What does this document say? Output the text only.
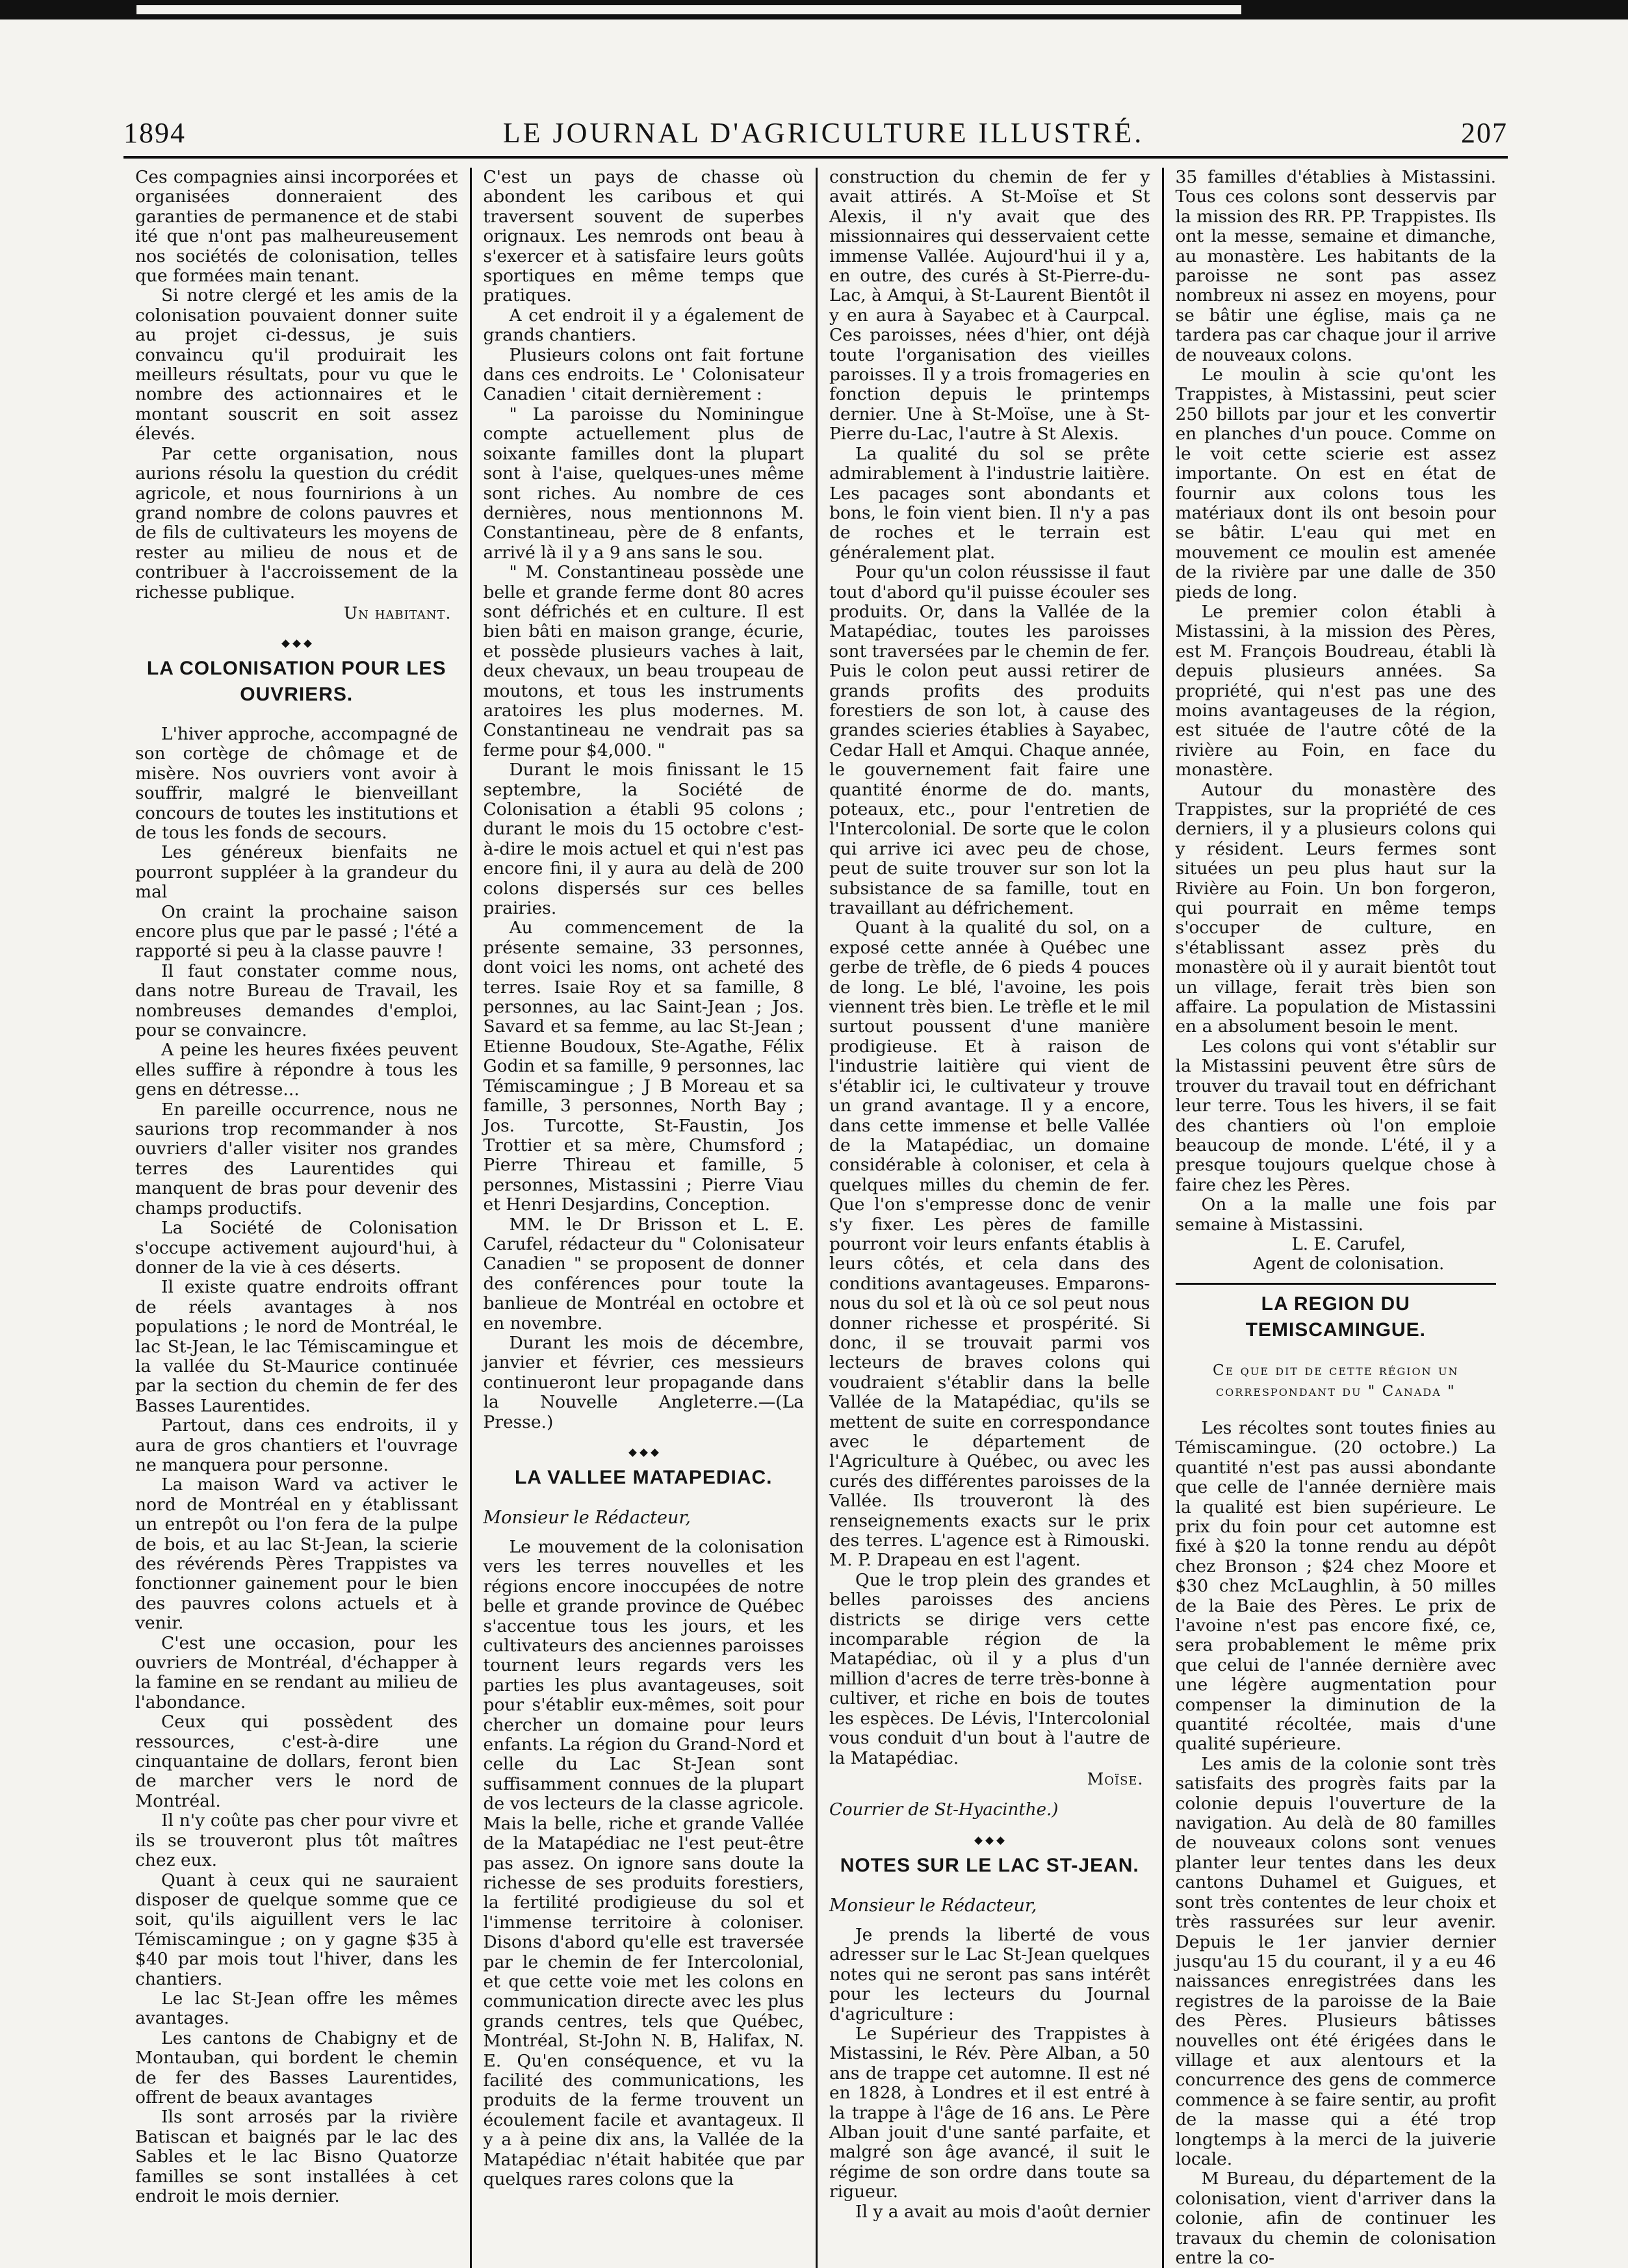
1894	LE JOURNAL D'AGRICULTURE ILLUSTRÉ.	207

Ces compagnies ainsi incorporées et organisées donneraient des garanties de permanence et de stabi ité que n'ont pas malheureusement nos sociétés de colonisation, telles que formées main tenant.

Si notre clergé et les amis de la colonisation pouvaient donner suite au projet ci-dessus, je suis convaincu qu'il produirait les meilleurs résultats, pour vu que le nombre des actionnaires et le montant souscrit en soit assez élevés.

Par cette organisation, nous aurions résolu la question du crédit agricole, et nous fournirions à un grand nombre de colons pauvres et de fils de cultivateurs les moyens de rester au milieu de nous et de contribuer à l'accroissement de la richesse publique.

Un habitant.
LA COLONISATION POUR LES OUVRIERS.

L'hiver approche, accompagné de son cortège de chômage et de misère. Nos ouvriers vont avoir à souffrir, malgré le bienveillant concours de toutes les institutions et de tous les fonds de secours.

Les généreux bienfaits ne pourront suppléer à la grandeur du mal

On craint la prochaine saison encore plus que par le passé ; l'été a rapporté si peu à la classe pauvre !

Il faut constater comme nous, dans notre Bureau de Travail, les nombreuses demandes d'emploi, pour se convaincre.

A peine les heures fixées peuvent elles suffire à répondre à tous les gens en détresse...

En pareille occurrence, nous ne saurions trop recommander à nos ouvriers d'aller visiter nos grandes terres des Laurentides qui manquent de bras pour devenir des champs productifs.

La Société de Colonisation s'occupe activement aujourd'hui, à donner de la vie à ces déserts.

Il existe quatre endroits offrant de réels avantages à nos populations ; le nord de Montréal, le lac St-Jean, le lac Témiscamingue et la vallée du St-Maurice continuée par la section du chemin de fer des Basses Laurentides.

Partout, dans ces endroits, il y aura de gros chantiers et l'ouvrage ne manquera pour personne.

La maison Ward va activer le nord de Montréal en y établissant un entrepôt ou l'on fera de la pulpe de bois, et au lac St-Jean, la scierie des révérends Pères Trappistes va fonctionner gainement pour le bien des pauvres colons actuels et à venir.

C'est une occasion, pour les ouvriers de Montréal, d'échapper à la famine en se rendant au milieu de l'abondance.

Ceux qui possèdent des ressources, c'est-à-dire une cinquantaine de dollars, feront bien de marcher vers le nord de Montréal.

Il n'y coûte pas cher pour vivre et ils se trouveront plus tôt maîtres chez eux.

Quant à ceux qui ne sauraient disposer de quelque somme que ce soit, qu'ils aiguillent vers le lac Témiscamingue ; on y gagne $35 à $40 par mois tout l'hiver, dans les chantiers.

Le lac St-Jean offre les mêmes avantages.

Les cantons de Chabigny et de Montauban, qui bordent le chemin de fer des Basses Laurentides, offrent de beaux avantages

Ils sont arrosés par la rivière Batiscan et baignés par le lac des Sables et le lac Bisno Quatorze familles se sont installées à cet endroit le mois dernier.

C'est un pays de chasse où abondent les caribous et qui traversent souvent de superbes orignaux. Les nemrods ont beau à s'exercer et à satisfaire leurs goûts sportiques en même temps que pratiques.

A cet endroit il y a également de grands chantiers.

Plusieurs colons ont fait fortune dans ces endroits. Le ' Colonisateur Canadien ' citait dernièrement :

" La paroisse du Nominingue compte actuellement plus de soixante familles dont la plupart sont à l'aise, quelques-unes même sont riches. Au nombre de ces dernières, nous mentionnons M. Constantineau, père de 8 enfants, arrivé là il y a 9 ans sans le sou.

" M. Constantineau possède une belle et grande ferme dont 80 acres sont défrichés et en culture. Il est bien bâti en maison grange, écurie, et possède plusieurs vaches à lait, deux chevaux, un beau troupeau de moutons, et tous les instruments aratoires les plus modernes. M. Constantineau ne vendrait pas sa ferme pour $4,000. "

Durant le mois finissant le 15 septembre, la Société de Colonisation a établi 95 colons ; durant le mois du 15 octobre c'est-à-dire le mois actuel et qui n'est pas encore fini, il y aura au delà de 200 colons dispersés sur ces belles prairies.

Au commencement de la présente semaine, 33 personnes, dont voici les noms, ont acheté des terres. Isaie Roy et sa famille, 8 personnes, au lac Saint-Jean ; Jos. Savard et sa femme, au lac St-Jean ; Etienne Boudoux, Ste-Agathe, Félix Godin et sa famille, 9 personnes, lac Témiscamingue ; J B Moreau et sa famille, 3 personnes, North Bay ; Jos. Turcotte, St-Faustin, Jos Trottier et sa mère, Chumsford ; Pierre Thireau et famille, 5 personnes, Mistassini ; Pierre Viau et Henri Desjardins, Conception.

MM. le Dr Brisson et L. E. Carufel, rédacteur du " Colonisateur Canadien " se proposent de donner des conférences pour toute la banlieue de Montréal en octobre et en novembre.

Durant les mois de décembre, janvier et février, ces messieurs continueront leur propagande dans la Nouvelle Angleterre.—(La Presse.)

LA VALLEE MATAPEDIAC.

Monsieur le Rédacteur,

Le mouvement de la colonisation vers les terres nouvelles et les régions encore inoccupées de notre belle et grande province de Québec s'accentue tous les jours, et les cultivateurs des anciennes paroisses tournent leurs regards vers les parties les plus avantageuses, soit pour s'établir eux-mêmes, soit pour chercher un domaine pour leurs enfants. La région du Grand-Nord et celle du Lac St-Jean sont suffisamment connues de la plupart de vos lecteurs de la classe agricole. Mais la belle, riche et grande Vallée de la Matapédiac ne l'est peut-être pas assez. On ignore sans doute la richesse de ses produits forestiers, la fertilité prodigieuse du sol et l'immense territoire à coloniser. Disons d'abord qu'elle est traversée par le chemin de fer Intercolonial, et que cette voie met les colons en communication directe avec les plus grands centres, tels que Québec, Montréal, St-John N. B, Halifax, N. E. Qu'en conséquence, et vu la facilité des communications, les produits de la ferme trouvent un écoulement facile et avantageux. Il y a à peine dix ans, la Vallée de la Matapédiac n'était habitée que par quelques rares colons que la

construction du chemin de fer y avait attirés. A St-Moïse et St Alexis, il n'y avait que des missionnaires qui desservaient cette immense Vallée. Aujourd'hui il y a, en outre, des curés à St-Pierre-du-Lac, à Amqui, à St-Laurent Bientôt il y en aura à Sayabec et à Caurpcal. Ces paroisses, nées d'hier, ont déjà toute l'organisation des vieilles paroisses. Il y a trois fromageries en fonction depuis le printemps dernier. Une à St-Moïse, une à St-Pierre du-Lac, l'autre à St Alexis.

La qualité du sol se prête admirablement à l'industrie laitière. Les pacages sont abondants et bons, le foin vient bien. Il n'y a pas de roches et le terrain est généralement plat.

Pour qu'un colon réussisse il faut tout d'abord qu'il puisse écouler ses produits. Or, dans la Vallée de la Matapédiac, toutes les paroisses sont traversées par le chemin de fer. Puis le colon peut aussi retirer de grands profits des produits forestiers de son lot, à cause des grandes scieries établies à Sayabec, Cedar Hall et Amqui. Chaque année, le gouvernement fait faire une quantité énorme de do. mants, poteaux, etc., pour l'entretien de l'Intercolonial. De sorte que le colon qui arrive ici avec peu de chose, peut de suite trouver sur son lot la subsistance de sa famille, tout en travaillant au défrichement.

Quant à la qualité du sol, on a exposé cette année à Québec une gerbe de trèfle, de 6 pieds 4 pouces de long. Le blé, l'avoine, les pois viennent très bien. Le trèfle et le mil surtout poussent d'une manière prodigieuse. Et à raison de l'industrie laitière qui vient de s'établir ici, le cultivateur y trouve un grand avantage. Il y a encore, dans cette immense et belle Vallée de la Matapédiac, un domaine considérable à coloniser, et cela à quelques milles du chemin de fer. Que l'on s'empresse donc de venir s'y fixer. Les pères de famille pourront voir leurs enfants établis à leurs côtés, et cela dans des conditions avantageuses. Emparons-nous du sol et là où ce sol peut nous donner richesse et prospérité. Si donc, il se trouvait parmi vos lecteurs de braves colons qui voudraient s'établir dans la belle Vallée de la Matapédiac, qu'ils se mettent de suite en correspondance avec le département de l'Agriculture à Québec, ou avec les curés des différentes paroisses de la Vallée. Ils trouveront là des renseignements exacts sur le prix des terres. L'agence est à Rimouski. M. P. Drapeau en est l'agent.

Que le trop plein des grandes et belles paroisses des anciens districts se dirige vers cette incomparable région de la Matapédiac, où il y a plus d'un million d'acres de terre très-bonne à cultiver, et riche en bois de toutes les espèces. De Lévis, l'Intercolonial vous conduit d'un bout à l'autre de la Matapédiac.

Moïse.

Courrier de St-Hyacinthe.)

NOTES SUR LE LAC ST-JEAN.

Monsieur le Rédacteur,

Je prends la liberté de vous adresser sur le Lac St-Jean quelques notes qui ne seront pas sans intérêt pour les lecteurs du Journal d'agriculture :

Le Supérieur des Trappistes à Mistassini, le Rév. Père Alban, a 50 ans de trappe cet automne. Il est né en 1828, à Londres et il est entré à la trappe à l'âge de 16 ans. Le Père Alban jouit d'une santé parfaite, et malgré son âge avancé, il suit le régime de son ordre dans toute sa rigueur.

Il y a avait au mois d'août dernier

35 familles d'établies à Mistassini. Tous ces colons sont desservis par la mission des RR. PP. Trappistes. Ils ont la messe, semaine et dimanche, au monastère. Les habitants de la paroisse ne sont pas assez nombreux ni assez en moyens, pour se bâtir une église, mais ça ne tardera pas car chaque jour il arrive de nouveaux colons.

Le moulin à scie qu'ont les Trappistes, à Mistassini, peut scier 250 billots par jour et les convertir en planches d'un pouce. Comme on le voit cette scierie est assez importante. On est en état de fournir aux colons tous les matériaux dont ils ont besoin pour se bâtir. L'eau qui met en mouvement ce moulin est amenée de la rivière par une dalle de 350 pieds de long.

Le premier colon établi à Mistassini, à la mission des Pères, est M. François Boudreau, établi là depuis plusieurs années. Sa propriété, qui n'est pas une des moins avantageuses de la région, est située de l'autre côté de la rivière au Foin, en face du monastère.

Autour du monastère des Trappistes, sur la propriété de ces derniers, il y a plusieurs colons qui y résident. Leurs fermes sont situées un peu plus haut sur la Rivière au Foin. Un bon forgeron, qui pourrait en même temps s'occuper de culture, en s'établissant assez près du monastère où il y aurait bientôt tout un village, ferait très bien son affaire. La population de Mistassini en a absolument besoin le ment.

Les colons qui vont s'établir sur la Mistassini peuvent être sûrs de trouver du travail tout en défrichant leur terre. Tous les hivers, il se fait des chantiers où l'on emploie beaucoup de monde. L'été, il y a presque toujours quelque chose à faire chez les Pères.

On a la malle une fois par semaine à Mistassini.

L. E. Carufel,

Agent de colonisation.

LA REGION DU TEMISCAMINGUE.
Ce que dit de cette région un correspondant du " Canada "

Les récoltes sont toutes finies au Témiscamingue. (20 octobre.) La quantité n'est pas aussi abondante que celle de l'année dernière mais la qualité est bien supérieure. Le prix du foin pour cet automne est fixé à $20 la tonne rendu au dépôt chez Bronson ; $24 chez Moore et $30 chez McLaughlin, à 50 milles de la Baie des Pères. Le prix de l'avoine n'est pas encore fixé, ce, sera probablement le même prix que celui de l'année dernière avec une légère augmentation pour compenser la diminution de la quantité récoltée, mais d'une qualité supérieure.

Les amis de la colonie sont très satisfaits des progrès faits par la colonie depuis l'ouverture de la navigation. Au delà de 80 familles de nouveaux colons sont venues planter leur tentes dans les deux cantons Duhamel et Guigues, et sont très contentes de leur choix et très rassurées sur leur avenir. Depuis le 1er janvier dernier jusqu'au 15 du courant, il y a eu 46 naissances enregistrées dans les registres de la paroisse de la Baie des Pères. Plusieurs bâtisses nouvelles ont été érigées dans le village et aux alentours et la concurrence des gens de commerce commence à se faire sentir, au profit de la masse qui a été trop longtemps à la merci de la juiverie locale.

M Bureau, du département de la colonisation, vient d'arriver dans la colonie, afin de continuer les travaux du chemin de colonisation entre la co-
